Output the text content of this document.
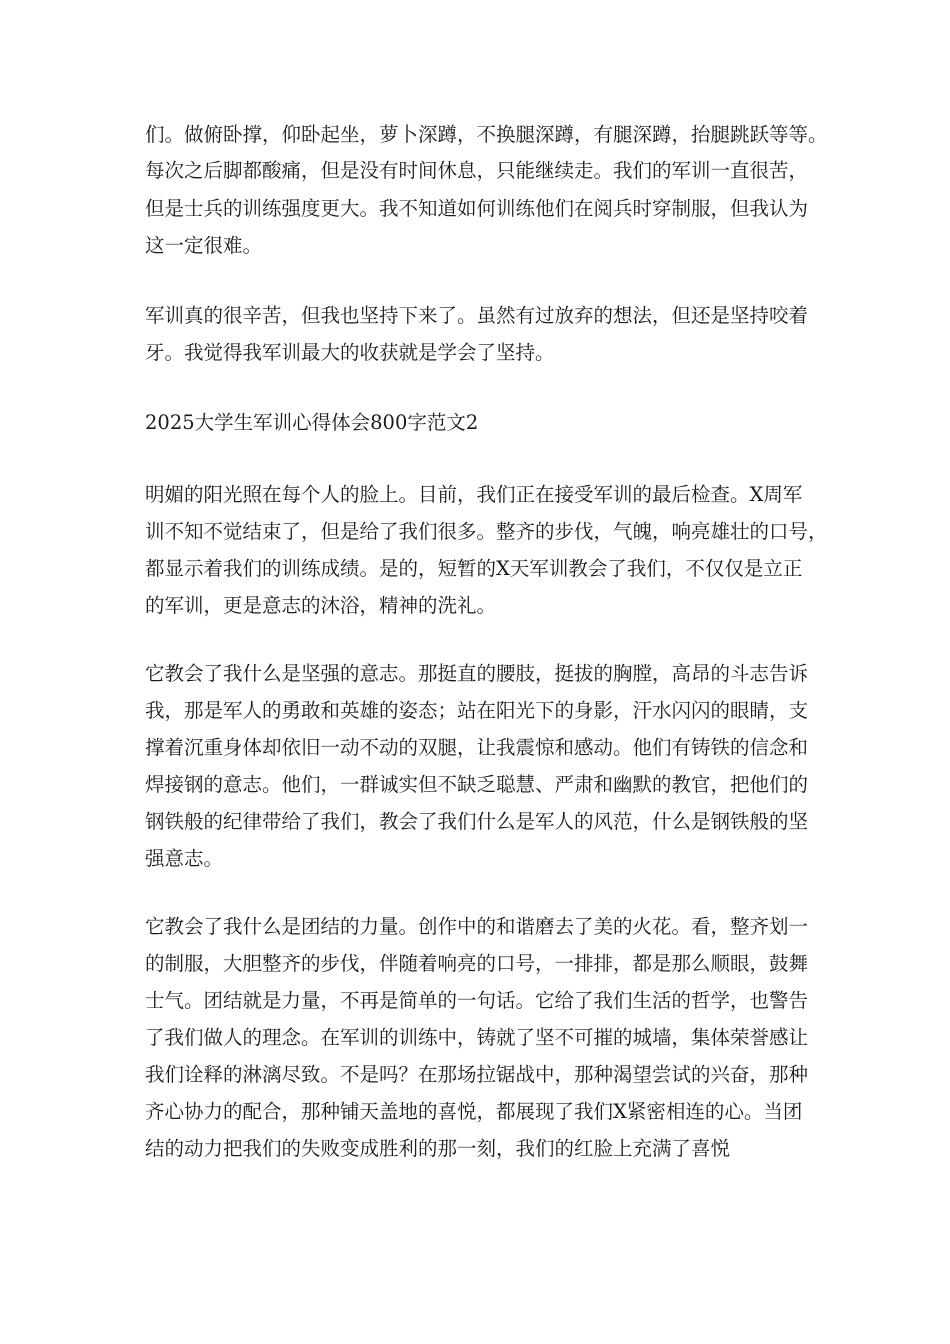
们。做俯卧撑，仰卧起坐，萝卜深蹲，不换腿深蹲，有腿深蹲，抬腿跳跃等等。
每次之后脚都酸痛，但是没有时间休息，只能继续走。我们的军训一直很苦，
但是士兵的训练强度更大。我不知道如何训练他们在阅兵时穿制服，但我认为
这一定很难。
军训真的很辛苦，但我也坚持下来了。虽然有过放弃的想法，但还是坚持咬着
牙。我觉得我军训最大的收获就是学会了坚持。
2025大学生军训心得体会800字范文2
明媚的阳光照在每个人的脸上。目前，我们正在接受军训的最后检查。X周军
训不知不觉结束了，但是给了我们很多。整齐的步伐，气魄，响亮雄壮的口号，
都显示着我们的训练成绩。是的，短暂的X天军训教会了我们，不仅仅是立正
的军训，更是意志的沐浴，精神的洗礼。
它教会了我什么是坚强的意志。那挺直的腰肢，挺拔的胸膛，高昂的斗志告诉
我，那是军人的勇敢和英雄的姿态；站在阳光下的身影，汗水闪闪的眼睛，支
撑着沉重身体却依旧一动不动的双腿，让我震惊和感动。他们有铸铁的信念和
焊接钢的意志。他们，一群诚实但不缺乏聪慧、严肃和幽默的教官，把他们的
钢铁般的纪律带给了我们，教会了我们什么是军人的风范，什么是钢铁般的坚
强意志。
它教会了我什么是团结的力量。创作中的和谐磨去了美的火花。看，整齐划一
的制服，大胆整齐的步伐，伴随着响亮的口号，一排排，都是那么顺眼，鼓舞
士气。团结就是力量，不再是简单的一句话。它给了我们生活的哲学，也警告
了我们做人的理念。在军训的训练中，铸就了坚不可摧的城墙，集体荣誉感让
我们诠释的淋漓尽致。不是吗？在那场拉锯战中，那种渴望尝试的兴奋，那种
齐心协力的配合，那种铺天盖地的喜悦，都展现了我们X紧密相连的心。当团
结的动力把我们的失败变成胜利的那一刻，我们的红脸上充满了喜悦
